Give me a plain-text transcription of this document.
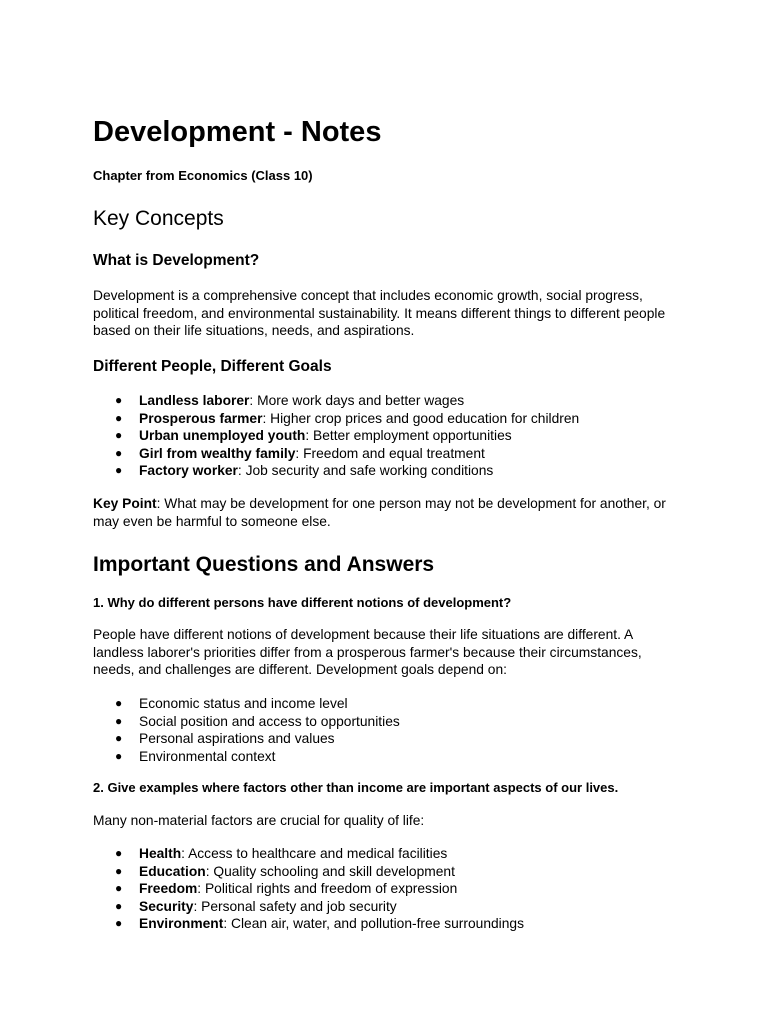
Development - Notes
Chapter from Economics (Class 10)
Key Concepts
What is Development?
Development is a comprehensive concept that includes economic growth, social progress, political freedom, and environmental sustainability. It means different things to different people based on their life situations, needs, and aspirations.
Different People, Different Goals
● Landless laborer: More work days and better wages
● Prosperous farmer: Higher crop prices and good education for children
● Urban unemployed youth: Better employment opportunities
● Girl from wealthy family: Freedom and equal treatment
● Factory worker: Job security and safe working conditions
Key Point: What may be development for one person may not be development for another, or may even be harmful to someone else.
Important Questions and Answers
1. Why do different persons have different notions of development?
People have different notions of development because their life situations are different. A landless laborer's priorities differ from a prosperous farmer's because their circumstances, needs, and challenges are different. Development goals depend on:
● Economic status and income level
● Social position and access to opportunities
● Personal aspirations and values
● Environmental context
2. Give examples where factors other than income are important aspects of our lives.
Many non-material factors are crucial for quality of life:
● Health: Access to healthcare and medical facilities
● Education: Quality schooling and skill development
● Freedom: Political rights and freedom of expression
● Security: Personal safety and job security
● Environment: Clean air, water, and pollution-free surroundings
